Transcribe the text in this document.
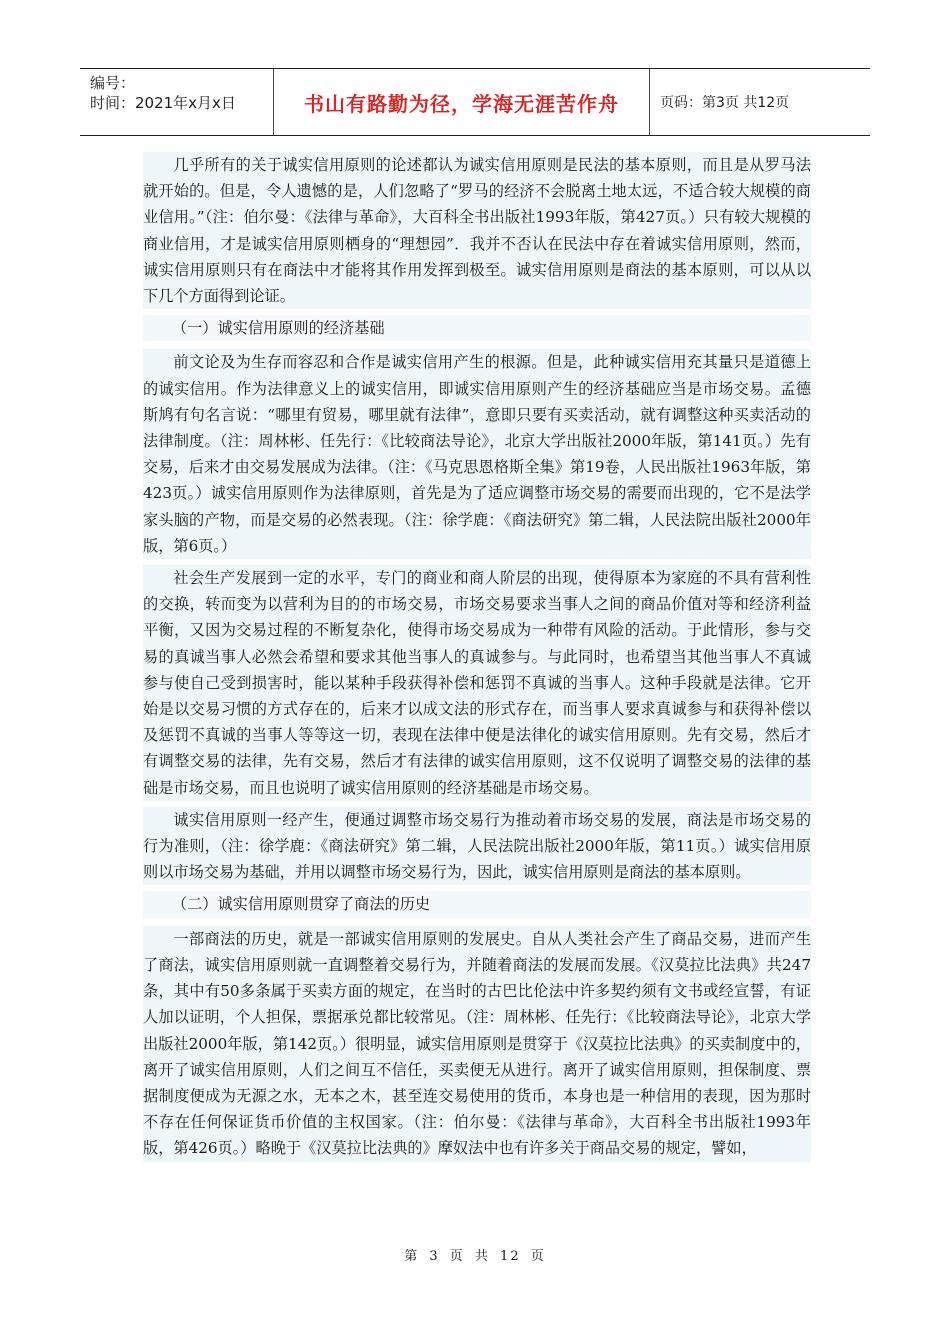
编号：
时间：2021年x月x日	书山有路勤为径，学海无涯苦作舟	页码：第3页 共12页

几乎所有的关于诚实信用原则的论述都认为诚实信用原则是民法的基本原则，而且是从罗马法就开始的。但是，令人遗憾的是，人们忽略了“罗马的经济不会脱离土地太远，不适合较大规模的商业信用。”（注：伯尔曼：《法律与革命》，大百科全书出版社1993年版，第427页。）只有较大规模的商业信用，才是诚实信用原则栖身的“理想园”．我并不否认在民法中存在着诚实信用原则，然而，诚实信用原则只有在商法中才能将其作用发挥到极至。诚实信用原则是商法的基本原则，可以从以下几个方面得到论证。

（一）诚实信用原则的经济基础

前文论及为生存而容忍和合作是诚实信用产生的根源。但是，此种诚实信用充其量只是道德上的诚实信用。作为法律意义上的诚实信用，即诚实信用原则产生的经济基础应当是市场交易。孟德斯鸠有句名言说：“哪里有贸易，哪里就有法律”，意即只要有买卖活动，就有调整这种买卖活动的法律制度。（注：周林彬、任先行：《比较商法导论》，北京大学出版社2000年版，第141页。）先有交易，后来才由交易发展成为法律。（注：《马克思恩格斯全集》第19卷，人民出版社1963年版，第423页。）诚实信用原则作为法律原则，首先是为了适应调整市场交易的需要而出现的，它不是法学家头脑的产物，而是交易的必然表现。（注：徐学鹿：《商法研究》第二辑，人民法院出版社2000年版，第6页。）

社会生产发展到一定的水平，专门的商业和商人阶层的出现，使得原本为家庭的不具有营利性的交换，转而变为以营利为目的的市场交易，市场交易要求当事人之间的商品价值对等和经济利益平衡，又因为交易过程的不断复杂化，使得市场交易成为一种带有风险的活动。于此情形，参与交易的真诚当事人必然会希望和要求其他当事人的真诚参与。与此同时，也希望当其他当事人不真诚参与使自己受到损害时，能以某种手段获得补偿和惩罚不真诚的当事人。这种手段就是法律。它开始是以交易习惯的方式存在的，后来才以成文法的形式存在，而当事人要求真诚参与和获得补偿以及惩罚不真诚的当事人等等这一切，表现在法律中便是法律化的诚实信用原则。先有交易，然后才有调整交易的法律，先有交易，然后才有法律的诚实信用原则，这不仅说明了调整交易的法律的基础是市场交易，而且也说明了诚实信用原则的经济基础是市场交易。

诚实信用原则一经产生，便通过调整市场交易行为推动着市场交易的发展，商法是市场交易的行为准则，（注：徐学鹿：《商法研究》第二辑，人民法院出版社2000年版，第11页。）诚实信用原则以市场交易为基础，并用以调整市场交易行为，因此，诚实信用原则是商法的基本原则。

（二）诚实信用原则贯穿了商法的历史

一部商法的历史，就是一部诚实信用原则的发展史。自从人类社会产生了商品交易，进而产生了商法，诚实信用原则就一直调整着交易行为，并随着商法的发展而发展。《汉莫拉比法典》共247条，其中有50多条属于买卖方面的规定，在当时的古巴比伦法中许多契约须有文书或经宣誓，有证人加以证明，个人担保，票据承兑都比较常见。（注：周林彬、任先行：《比较商法导论》，北京大学出版社2000年版，第142页。）很明显，诚实信用原则是贯穿于《汉莫拉比法典》的买卖制度中的，离开了诚实信用原则，人们之间互不信任，买卖便无从进行。离开了诚实信用原则，担保制度、票据制度便成为无源之水，无本之木，甚至连交易使用的货币，本身也是一种信用的表现，因为那时不存在任何保证货币价值的主权国家。（注：伯尔曼：《法律与革命》，大百科全书出版社1993年版，第426页。）略晚于《汉莫拉比法典的》摩奴法中也有许多关于商品交易的规定，譬如，

第 3 页 共 12 页
